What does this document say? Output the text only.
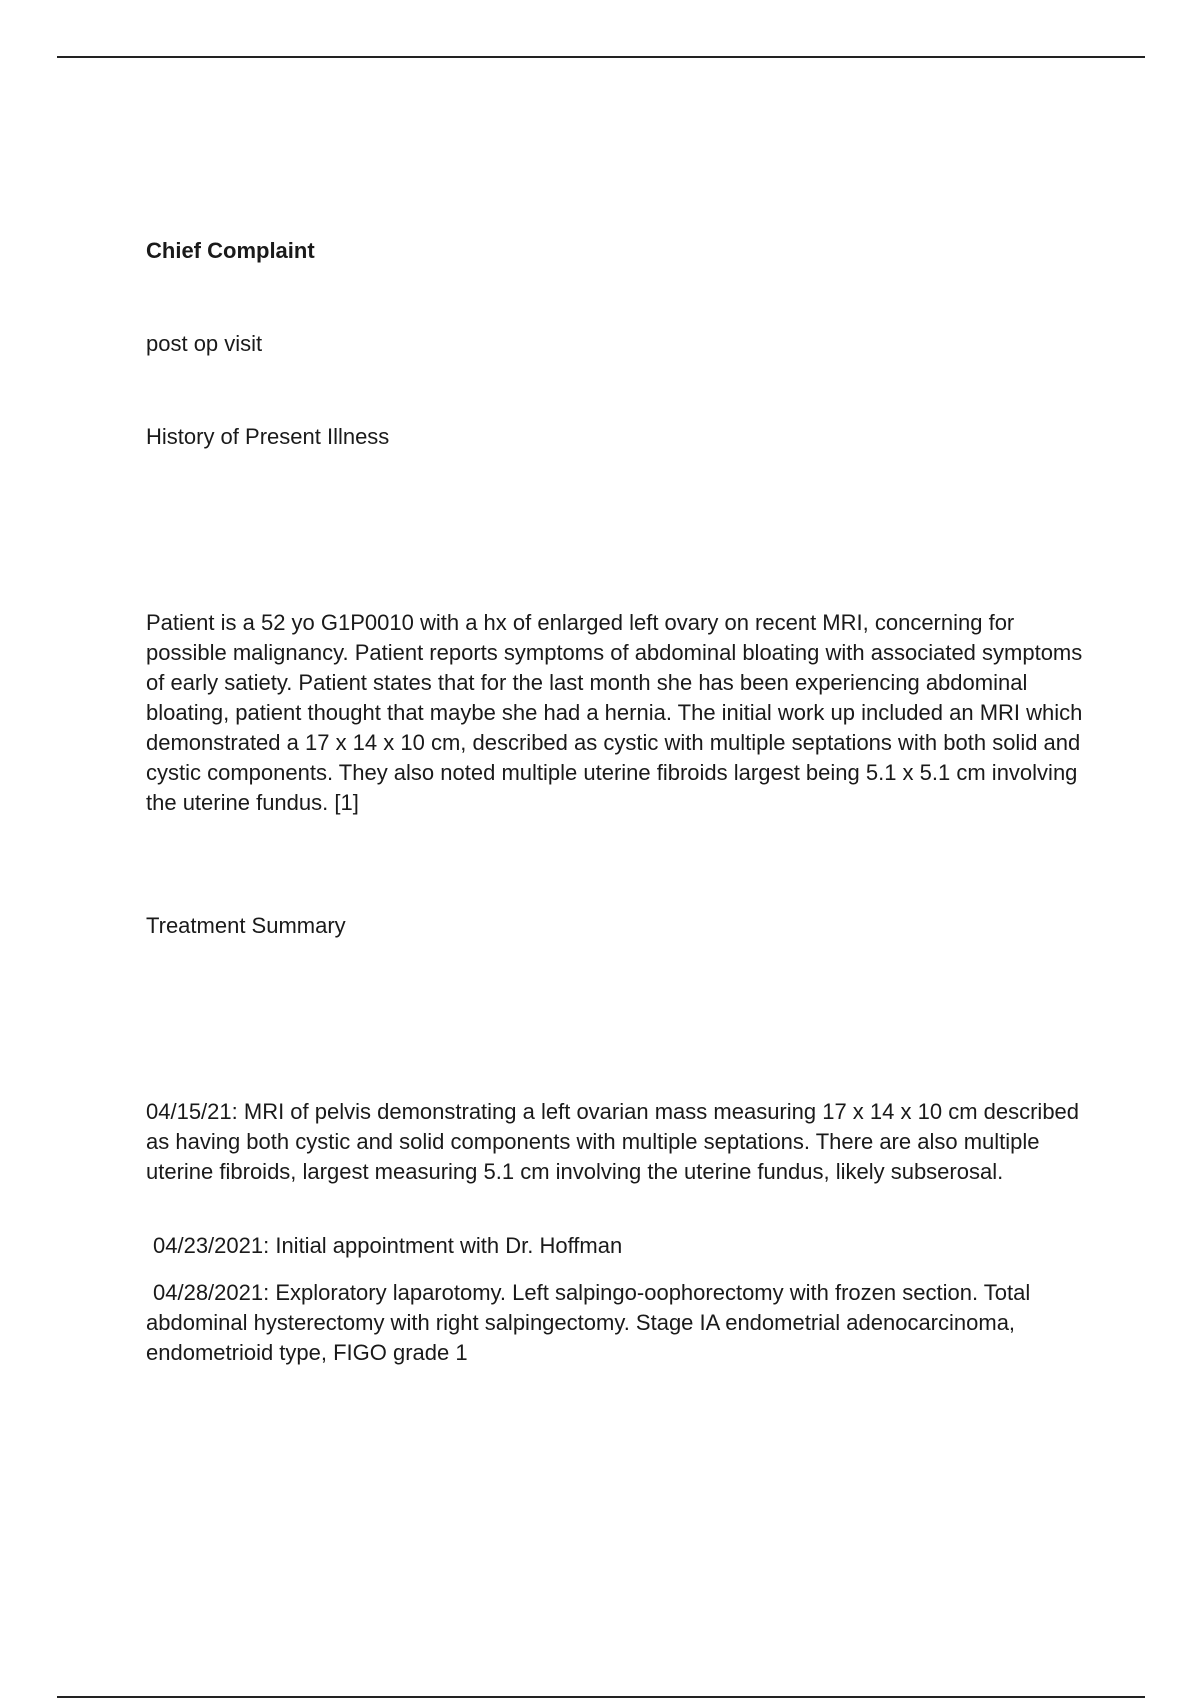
Chief Complaint

post op visit

History of Present Illness

Patient is a 52 yo G1P0010 with a hx of enlarged left ovary on recent MRI, concerning for possible malignancy. Patient reports symptoms of abdominal bloating with associated symptoms of early satiety. Patient states that for the last month she has been experiencing abdominal bloating, patient thought that maybe she had a hernia. The initial work up included an MRI which demonstrated a 17 x 14 x 10 cm, described as cystic with multiple septations with both solid and cystic components. They also noted multiple uterine fibroids largest being 5.1 x 5.1 cm involving the uterine fundus. [1]

Treatment Summary

04/15/21: MRI of pelvis demonstrating a left ovarian mass measuring 17 x 14 x 10 cm described as having both cystic and solid components with multiple septations. There are also multiple uterine fibroids, largest measuring 5.1 cm involving the uterine fundus, likely subserosal.

04/23/2021: Initial appointment with Dr. Hoffman

04/28/2021: Exploratory laparotomy. Left salpingo-oophorectomy with frozen section. Total abdominal hysterectomy with right salpingectomy. Stage IA endometrial adenocarcinoma, endometrioid type, FIGO grade 1
